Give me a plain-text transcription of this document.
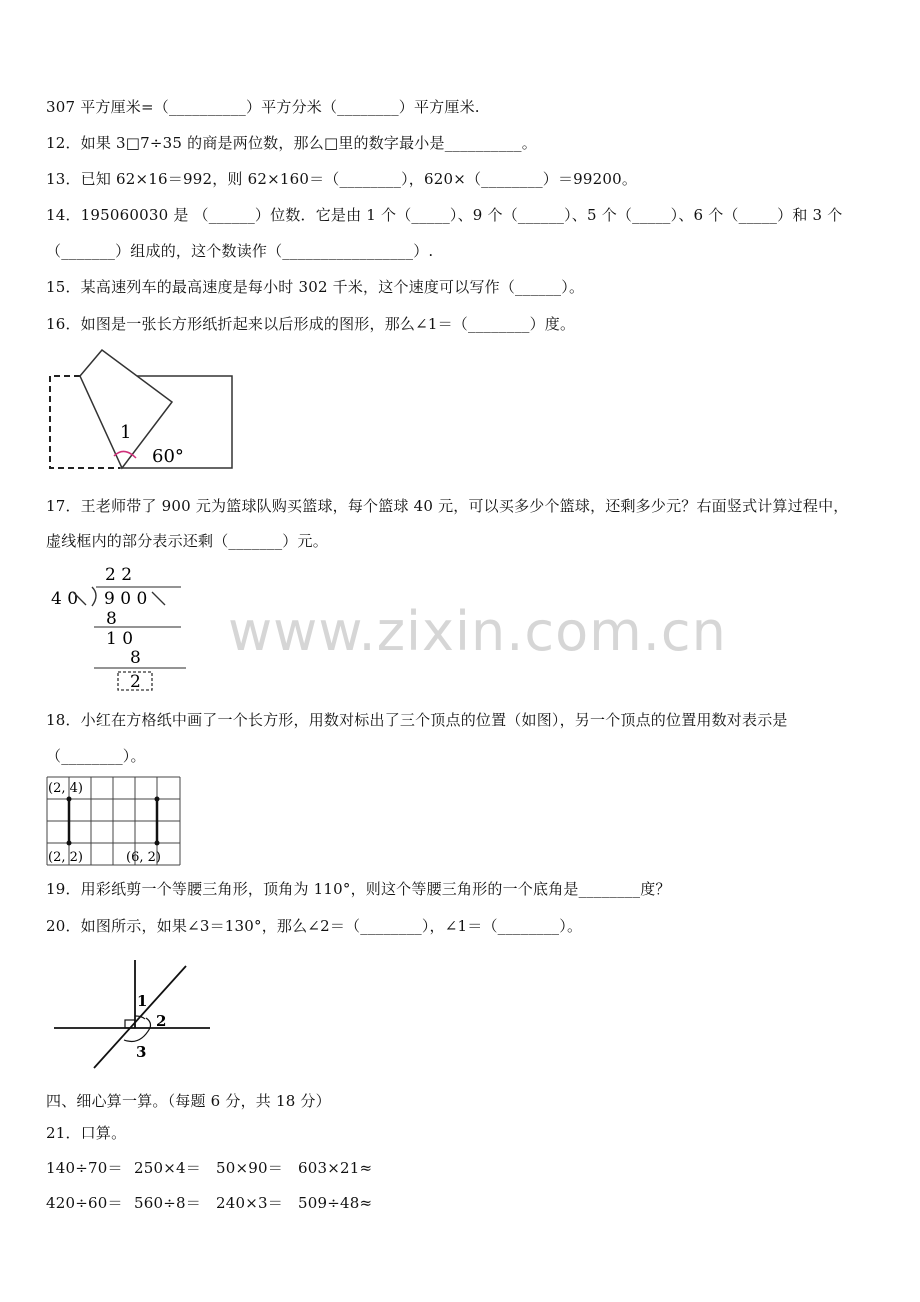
307 平方厘米=（__________）平方分米（________）平方厘米.
12．如果 3□7÷35 的商是两位数，那么□里的数字最小是__________。
13．已知 62×16＝992，则 62×160＝（________），620×（________）＝99200。
14．195060030 是 （______）位数．它是由 1 个（_____）、9 个（______）、5 个（_____）、6 个（_____）和 3 个
（_______）组成的，这个数读作（_________________）.
15．某高速列车的最高速度是每小时 302 千米，这个速度可以写作（______）。
16．如图是一张长方形纸折起来以后形成的图形，那么∠1＝（________）度。
1
60°
17．王老师带了 900 元为篮球队购买篮球，每个篮球 40 元，可以买多少个篮球，还剩多少元？右面竖式计算过程中，
虚线框内的部分表示还剩（_______）元。
2 2
4 0 9 0 0
8
1 0
8
2
www.zixin.com.cn
18．小红在方格纸中画了一个长方形，用数对标出了三个顶点的位置（如图），另一个顶点的位置用数对表示是
（________）。
(2, 4)
(2, 2)	(6, 2)
19．用彩纸剪一个等腰三角形，顶角为 110°，则这个等腰三角形的一个底角是________度？
20．如图所示，如果∠3＝130°，那么∠2＝（________），∠1＝（________）。
1
2
3
四、细心算一算。（每题 6 分，共 18 分）
21．口算。
140÷70＝ 250×4＝ 50×90＝ 603×21≈
420÷60＝ 560÷8＝ 240×3＝ 509÷48≈
